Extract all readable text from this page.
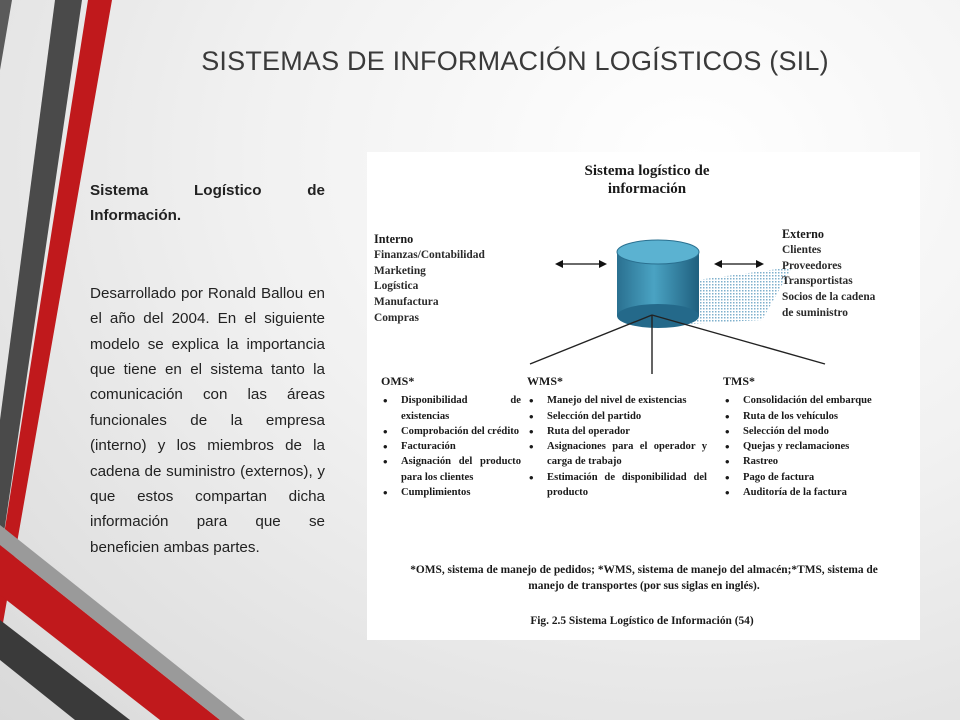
SISTEMAS DE INFORMACIÓN LOGÍSTICOS (SIL)
Sistema Logístico de Información.
Desarrollado por Ronald Ballou en el año del 2004. En el siguiente modelo se explica la importancia que tiene en el sistema tanto la comunicación con las áreas funcionales de la empresa (interno) y los miembros de la cadena de suministro (externos), y que estos compartan dicha información para que se beneficien ambas partes.
Sistema logístico de información
Interno
Finanzas/Contabilidad
Marketing
Logística
Manufactura
Compras
Externo
Clientes
Proveedores
Transportistas
Socios de la cadena
de suministro
OMS*
• Disponibilidad de existencias
• Comprobación del crédito
• Facturación
• Asignación del producto para los clientes
• Cumplimientos
WMS*
• Manejo del nivel de existencias
• Selección del partido
• Ruta del operador
• Asignaciones para el operador y carga de trabajo
• Estimación de disponibilidad del producto
TMS*
• Consolidación del embarque
• Ruta de los vehículos
• Selección del modo
• Quejas y reclamaciones
• Rastreo
• Pago de factura
• Auditoría de la factura
*OMS, sistema de manejo de pedidos; *WMS, sistema de manejo del almacén;*TMS, sistema de manejo de transportes (por sus siglas en inglés).
Fig. 2.5 Sistema Logístico de Información (54)
